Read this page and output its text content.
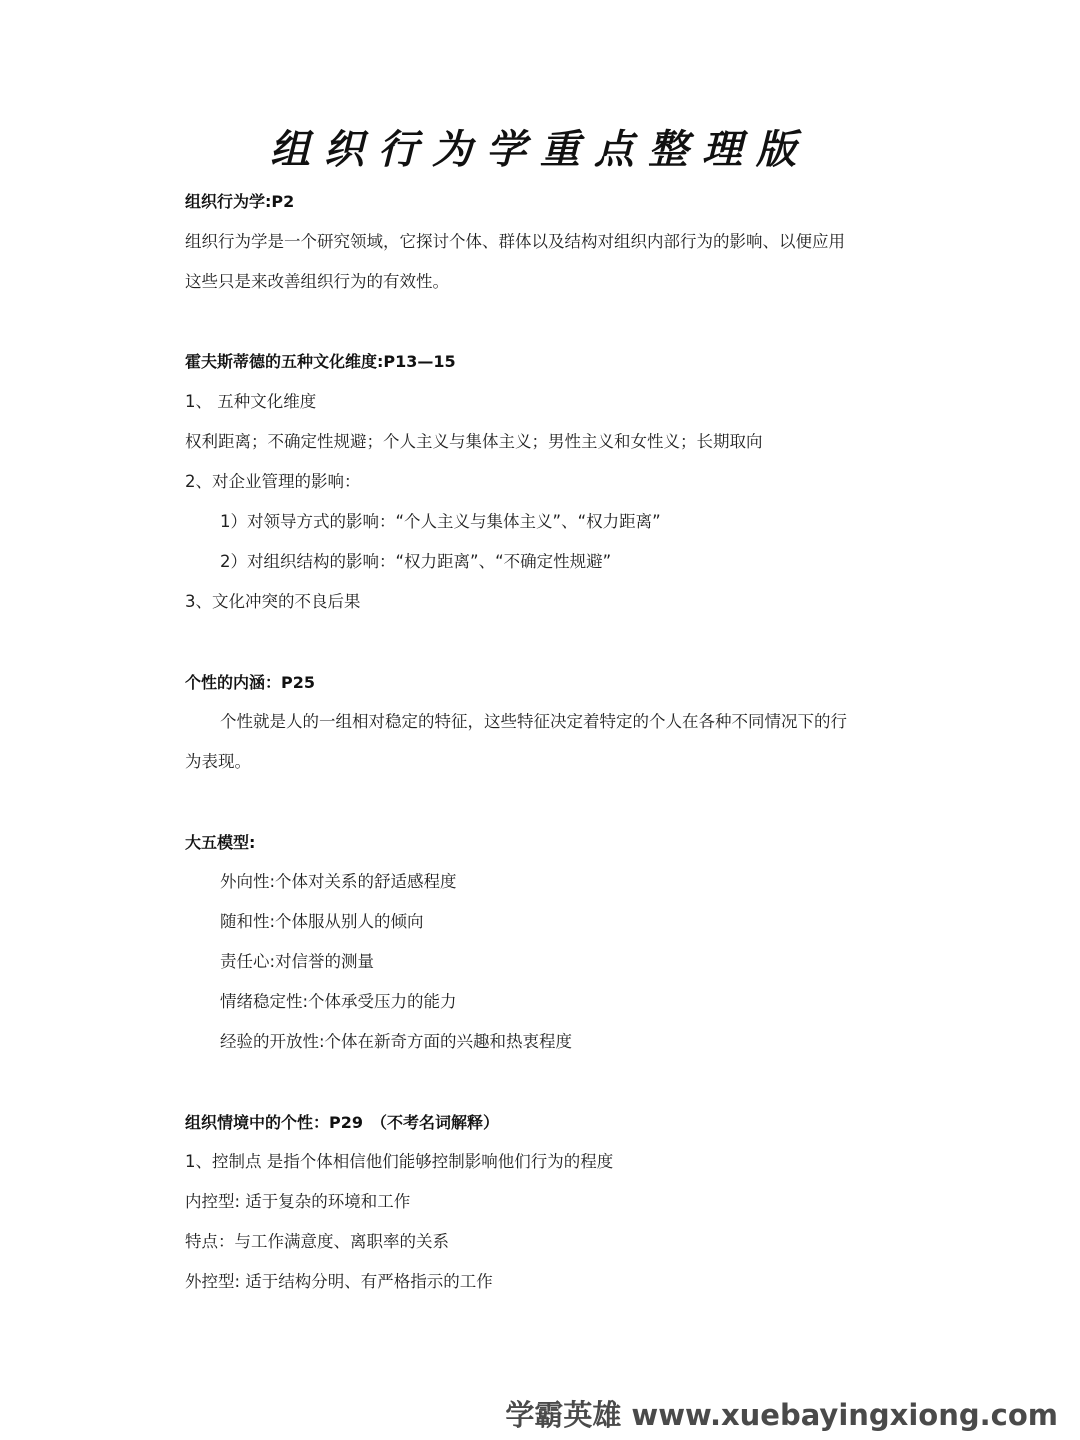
组织行为学重点整理版
组织行为学:P2
组织行为学是一个研究领域，它探讨个体、群体以及结构对组织内部行为的影响、以便应用
这些只是来改善组织行为的有效性。
霍夫斯蒂德的五种文化维度:P13—15
1、 五种文化维度
权利距离；不确定性规避；个人主义与集体主义；男性主义和女性义；长期取向
2、对企业管理的影响：
1）对领导方式的影响：“个人主义与集体主义”、“权力距离”
2）对组织结构的影响：“权力距离”、“不确定性规避”
3、文化冲突的不良后果
个性的内涵：P25
个性就是人的一组相对稳定的特征，这些特征决定着特定的个人在各种不同情况下的行
为表现。
大五模型:
外向性:个体对关系的舒适感程度
随和性:个体服从别人的倾向
责任心:对信誉的测量
情绪稳定性:个体承受压力的能力
经验的开放性:个体在新奇方面的兴趣和热衷程度
组织情境中的个性：P29　（不考名词解释）
1、控制点 是指个体相信他们能够控制影响他们行为的程度
内控型: 适于复杂的环境和工作
特点：与工作满意度、离职率的关系
外控型: 适于结构分明、有严格指示的工作
学霸英雄 www.xuebayingxiong.com
